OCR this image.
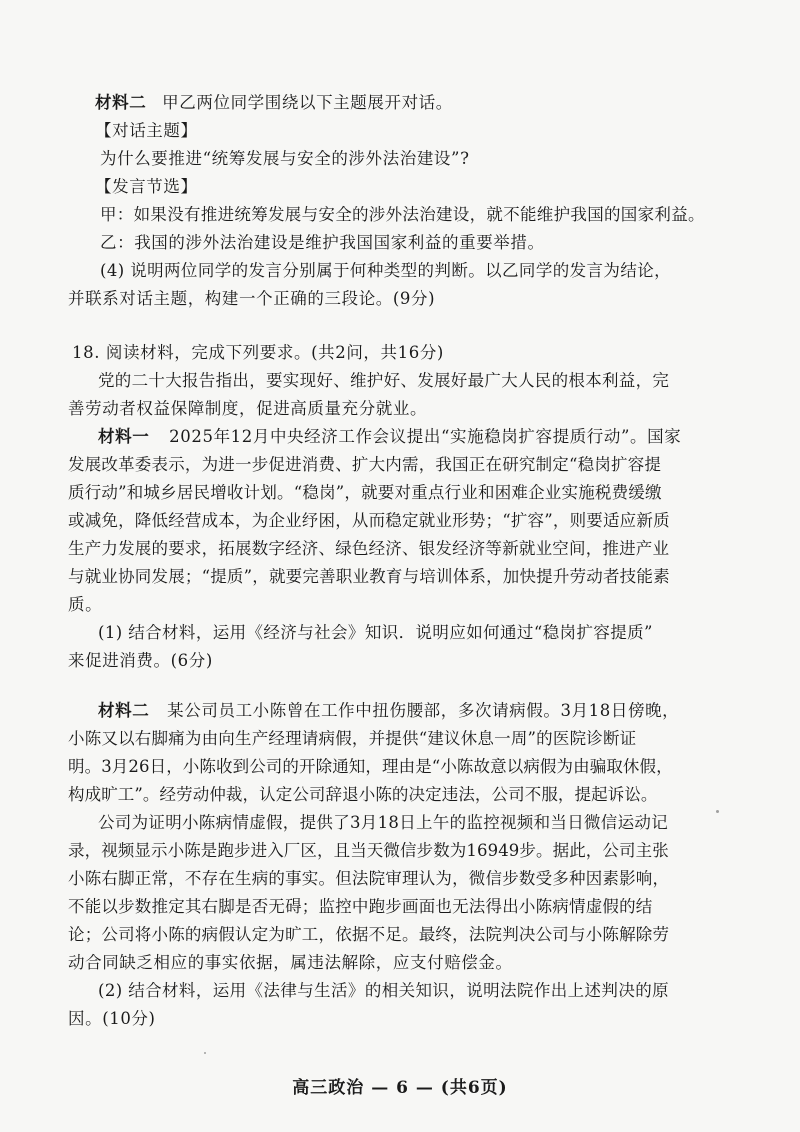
材料二 甲乙两位同学围绕以下主题展开对话。
【对话主题】
为什么要推进“统筹发展与安全的涉外法治建设”?
【发言节选】
甲：如果没有推进统筹发展与安全的涉外法治建设，就不能维护我国的国家利益。
乙：我国的涉外法治建设是维护我国国家利益的重要举措。
(4) 说明两位同学的发言分别属于何种类型的判断。以乙同学的发言为结论，
并联系对话主题，构建一个正确的三段论。(9分)
18. 阅读材料，完成下列要求。(共2问，共16分)
党的二十大报告指出，要实现好、维护好、发展好最广大人民的根本利益，完
善劳动者权益保障制度，促进高质量充分就业。
材料一 2025年12月中央经济工作会议提出“实施稳岗扩容提质行动”。国家
发展改革委表示，为进一步促进消费、扩大内需，我国正在研究制定“稳岗扩容提
质行动”和城乡居民增收计划。“稳岗”，就要对重点行业和困难企业实施税费缓缴
或减免，降低经营成本，为企业纾困，从而稳定就业形势；“扩容”，则要适应新质
生产力发展的要求，拓展数字经济、绿色经济、银发经济等新就业空间，推进产业
与就业协同发展；“提质”，就要完善职业教育与培训体系，加快提升劳动者技能素
质。
(1) 结合材料，运用《经济与社会》知识．说明应如何通过“稳岗扩容提质”
来促进消费。(6分)
材料二 某公司员工小陈曾在工作中扭伤腰部，多次请病假。3月18日傍晚，
小陈又以右脚痛为由向生产经理请病假，并提供“建议休息一周”的医院诊断证
明。3月26日，小陈收到公司的开除通知，理由是“小陈故意以病假为由骗取休假，
构成旷工”。经劳动仲裁，认定公司辞退小陈的决定违法，公司不服，提起诉讼。
公司为证明小陈病情虚假，提供了3月18日上午的监控视频和当日微信运动记
录，视频显示小陈是跑步进入厂区，且当天微信步数为16949步。据此，公司主张
小陈右脚正常，不存在生病的事实。但法院审理认为，微信步数受多种因素影响，
不能以步数推定其右脚是否无碍；监控中跑步画面也无法得出小陈病情虚假的结
论；公司将小陈的病假认定为旷工，依据不足。最终，法院判决公司与小陈解除劳
动合同缺乏相应的事实依据，属违法解除，应支付赔偿金。
(2) 结合材料，运用《法律与生活》的相关知识，说明法院作出上述判决的原
因。(10分)
高三政治 — 6 — (共6页)
